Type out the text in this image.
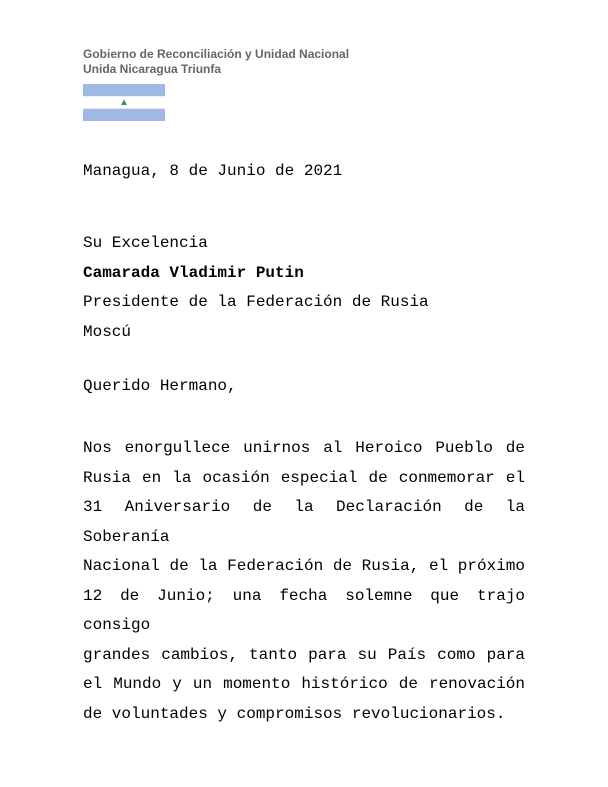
Gobierno de Reconciliación y Unidad Nacional
Unida Nicaragua Triunfa

Managua, 8 de Junio de 2021

Su Excelencia
Camarada Vladimir Putin
Presidente de la Federación de Rusia
Moscú

Querido Hermano,

Nos enorgullece unirnos al Heroico Pueblo de
Rusia en la ocasión especial de conmemorar el
31 Aniversario de la Declaración de la Soberanía
Nacional de la Federación de Rusia, el próximo
12 de Junio; una fecha solemne que trajo consigo
grandes cambios, tanto para su País como para
el Mundo y un momento histórico de renovación
de voluntades y compromisos revolucionarios.
